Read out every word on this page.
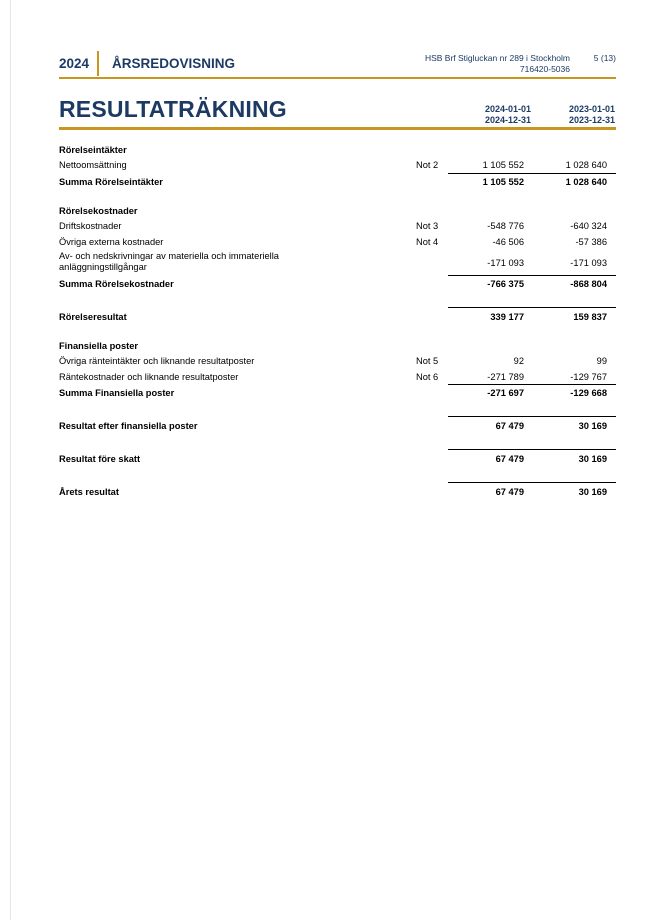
2024 ÅRSREDOVISNING	HSB Brf Stigluckan nr 289 i Stockholm
716420-5036
5 (13)
RESULTATRÄKNING	2024-01-01
2024-12-31
2023-01-01
2023-12-31
Rörelseintäkter
Nettoomsättning	Not 2	1 105 552	1 028 640
Summa Rörelseintäkter	1 105 552	1 028 640
Rörelsekostnader
Driftskostnader	Not 3	-548 776	-640 324
Övriga externa kostnader	Not 4	-46 506	-57 386
Av- och nedskrivningar av materiella och immateriella
anläggningstillgångar	-171 093	-171 093
Summa Rörelsekostnader	-766 375	-868 804
Rörelseresultat	339 177	159 837
Finansiella poster
Övriga ränteintäkter och liknande resultatposter	Not 5	92	99
Räntekostnader och liknande resultatposter	Not 6	-271 789	-129 767
Summa Finansiella poster	-271 697	-129 668
Resultat efter finansiella poster	67 479	30 169
Resultat före skatt	67 479	30 169
Årets resultat	67 479	30 169
